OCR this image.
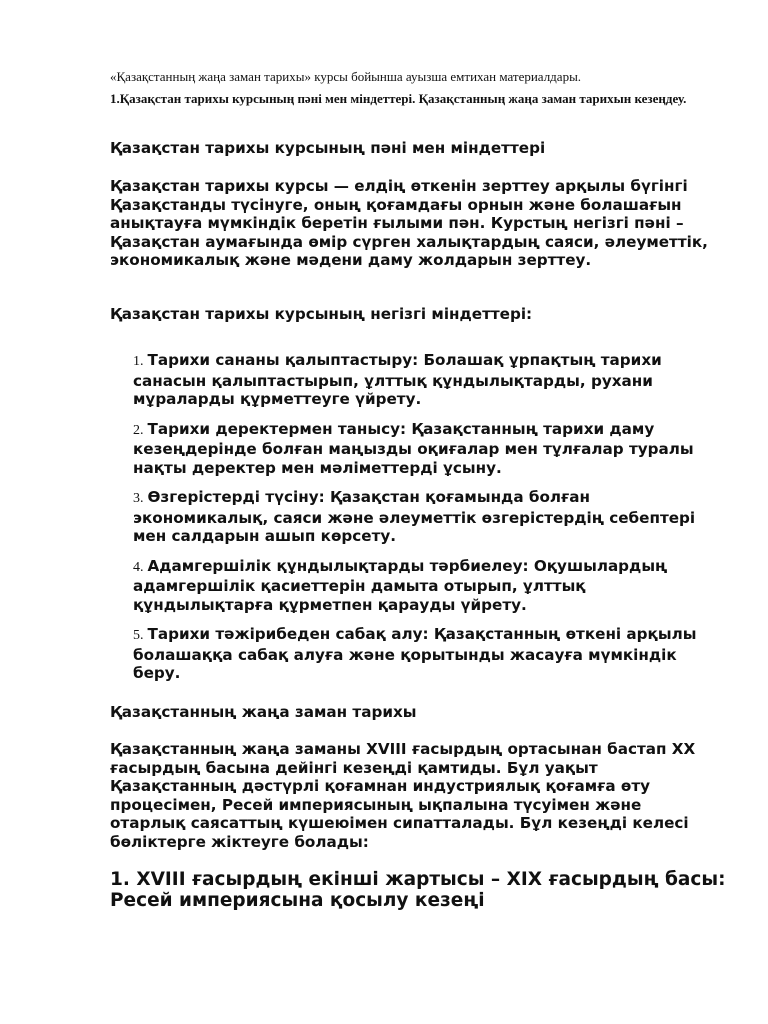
«Қазақстанның жаңа заман тарихы» курсы бойынша ауызша емтихан материалдары.
1.Қазақстан тарихы курсының пәні мен міндеттері. Қазақстанның жаңа заман тарихын кезеңдеу.
Қазақстан тарихы курсының пәні мен міндеттері
Қазақстан тарихы курсы — елдің өткенін зерттеу арқылы бүгінгі Қазақстанды түсінуге, оның қоғамдағы орнын және болашағын анықтауға мүмкіндік беретін ғылыми пән. Курстың негізгі пәні – Қазақстан аумағында өмір сүрген халықтардың саяси, әлеуметтік, экономикалық және мәдени даму жолдарын зерттеу.
Қазақстан тарихы курсының негізгі міндеттері:
1. Тарихи сананы қалыптастыру: Болашақ ұрпақтың тарихи санасын қалыптастырып, ұлттық құндылықтарды, рухани мұраларды құрметтеуге үйрету.
2. Тарихи деректермен танысу: Қазақстанның тарихи даму кезеңдерінде болған маңызды оқиғалар мен тұлғалар туралы нақты деректер мен мәліметтерді ұсыну.
3. Өзгерістерді түсіну: Қазақстан қоғамында болған экономикалық, саяси және әлеуметтік өзгерістердің себептері мен салдарын ашып көрсету.
4. Адамгершілік құндылықтарды тәрбиелеу: Оқушылардың адамгершілік қасиеттерін дамыта отырып, ұлттық құндылықтарға құрметпен қарауды үйрету.
5. Тарихи тәжірибеден сабақ алу: Қазақстанның өткені арқылы болашаққа сабақ алуға және қорытынды жасауға мүмкіндік беру.
Қазақстанның жаңа заман тарихы
Қазақстанның жаңа заманы XVIII ғасырдың ортасынан бастап XX ғасырдың басына дейінгі кезеңді қамтиды. Бұл уақыт Қазақстанның дәстүрлі қоғамнан индустриялық қоғамға өту процесімен, Ресей империясының ықпалына түсуімен және отарлық саясаттың күшеюімен сипатталады. Бұл кезеңді келесі бөліктерге жіктеуге болады:
1. XVIII ғасырдың екінші жартысы – XIX ғасырдың басы: Ресей империясына қосылу кезеңі
